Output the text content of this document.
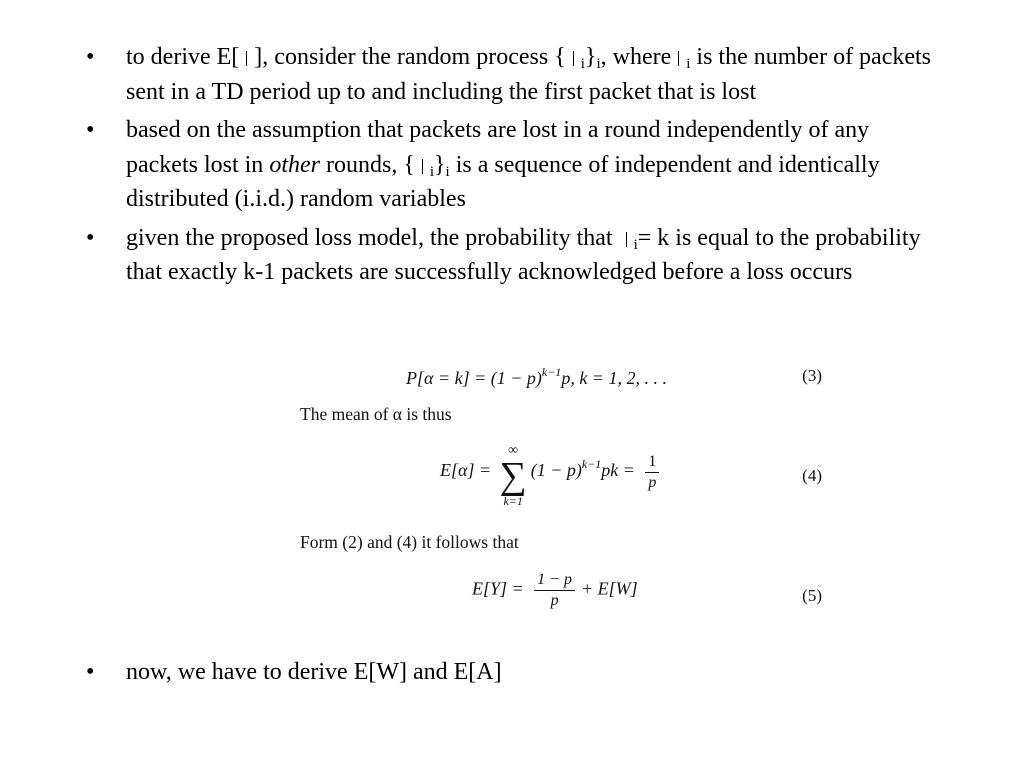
• to derive E[ ], consider the random process { $_i\}_i$, where $_i$ is the number of packets sent in a TD period up to and including the first packet that is lost
• based on the assumption that packets are lost in a round independently of any packets lost in other rounds, { $_i\}_i$ is a sequence of independent and identically distributed (i.i.d.) random variables
• given the proposed loss model, the probability that $_i$= k is equal to the probability that exactly k-1 packets are successfully acknowledged before a loss occurs
$P[\alpha = k] = (1 - p)^{k-1}p$, k = 1, 2, . . .	(3)
The mean of α is thus
E[α] =
∞
∑
k=1
$(1 - p)^{k-1}pk = \frac{1}{p}$	(4)
Form (2) and (4) it follows that
$E[Y] = \frac{1 - p}{p} + E[W]$	(5)
• now, we have to derive E[W] and E[A]
